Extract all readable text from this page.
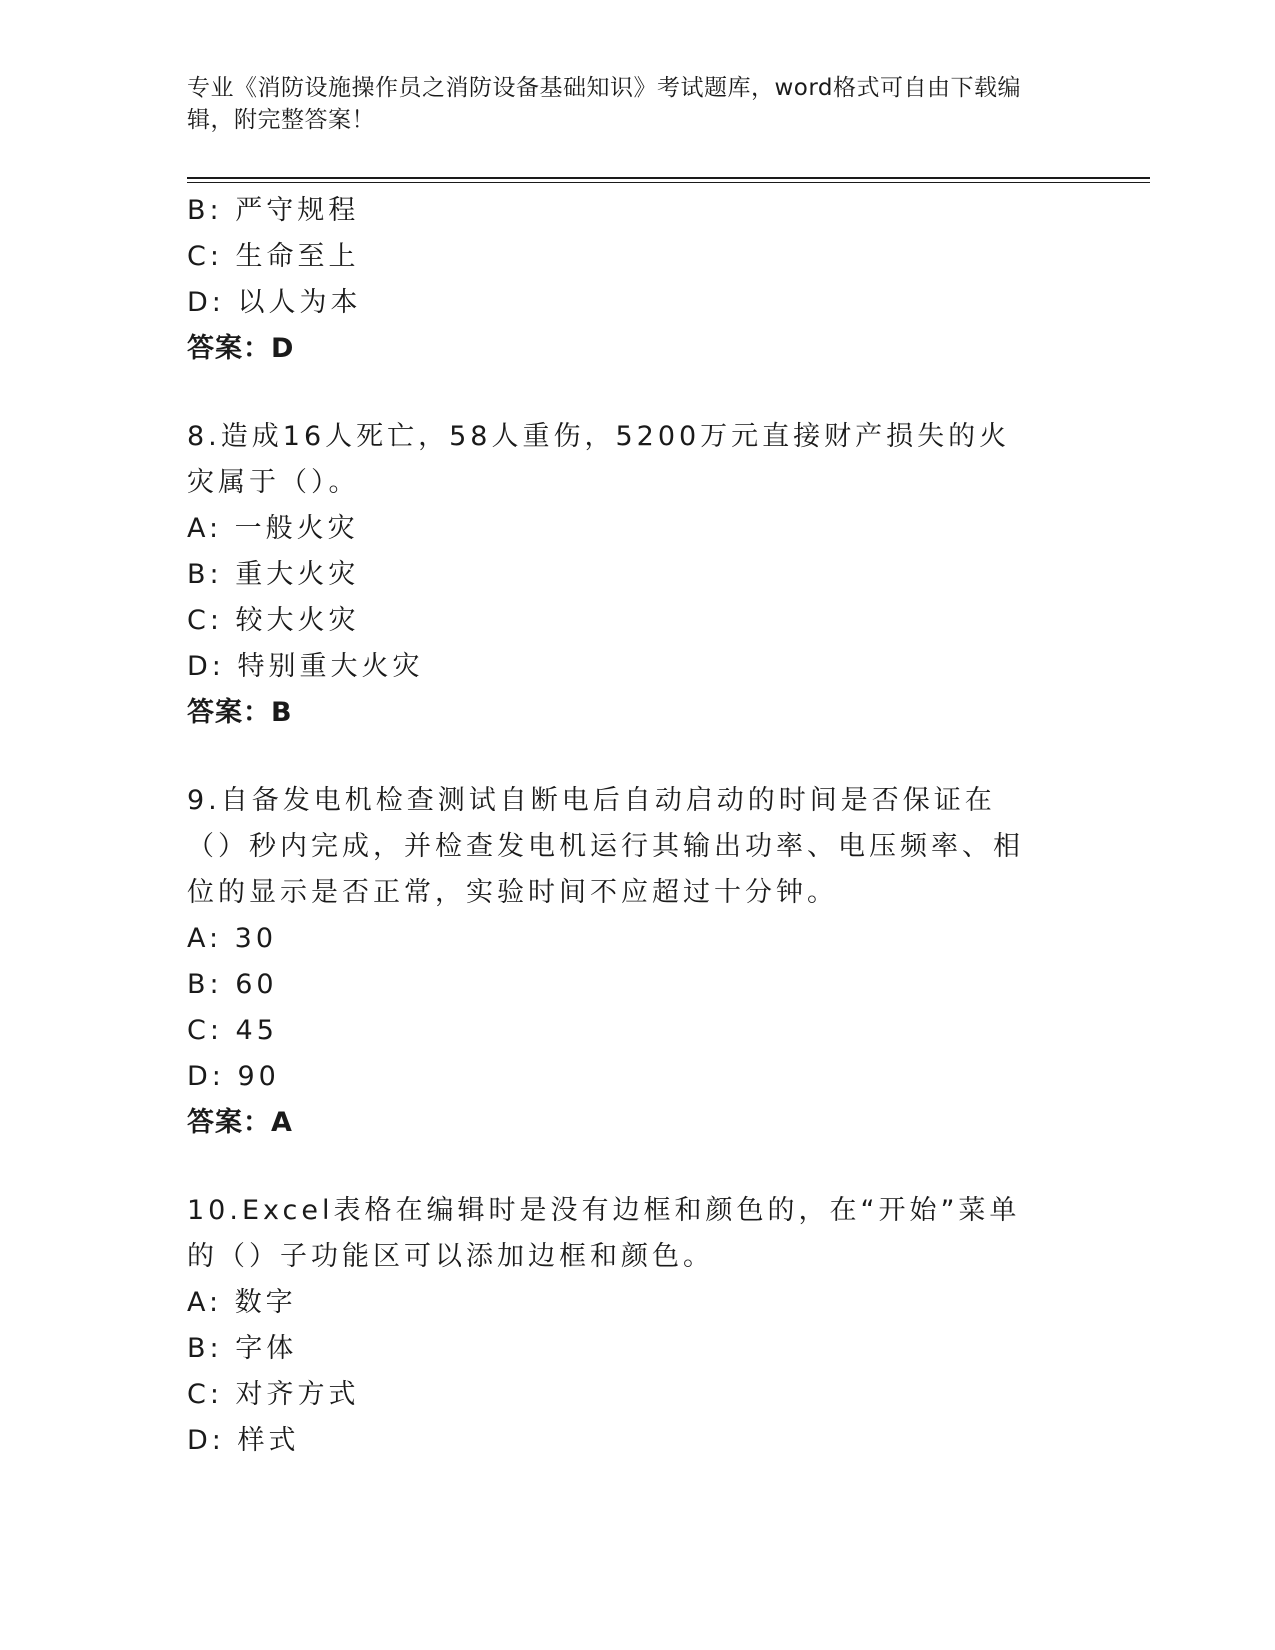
专业《消防设施操作员之消防设备基础知识》考试题库，word格式可自由下载编辑，附完整答案！
B: 严守规程
C: 生命至上
D: 以人为本
答案：D
8.造成16人死亡，58人重伤，5200万元直接财产损失的火灾属于（）。
A: 一般火灾
B: 重大火灾
C: 较大火灾
D: 特别重大火灾
答案：B
9.自备发电机检查测试自断电后自动启动的时间是否保证在（）秒内完成，并检查发电机运行其输出功率、电压频率、相位的显示是否正常，实验时间不应超过十分钟。
A: 30
B: 60
C: 45
D: 90
答案：A
10.Excel表格在编辑时是没有边框和颜色的，在“开始”菜单的（）子功能区可以添加边框和颜色。
A: 数字
B: 字体
C: 对齐方式
D: 样式
